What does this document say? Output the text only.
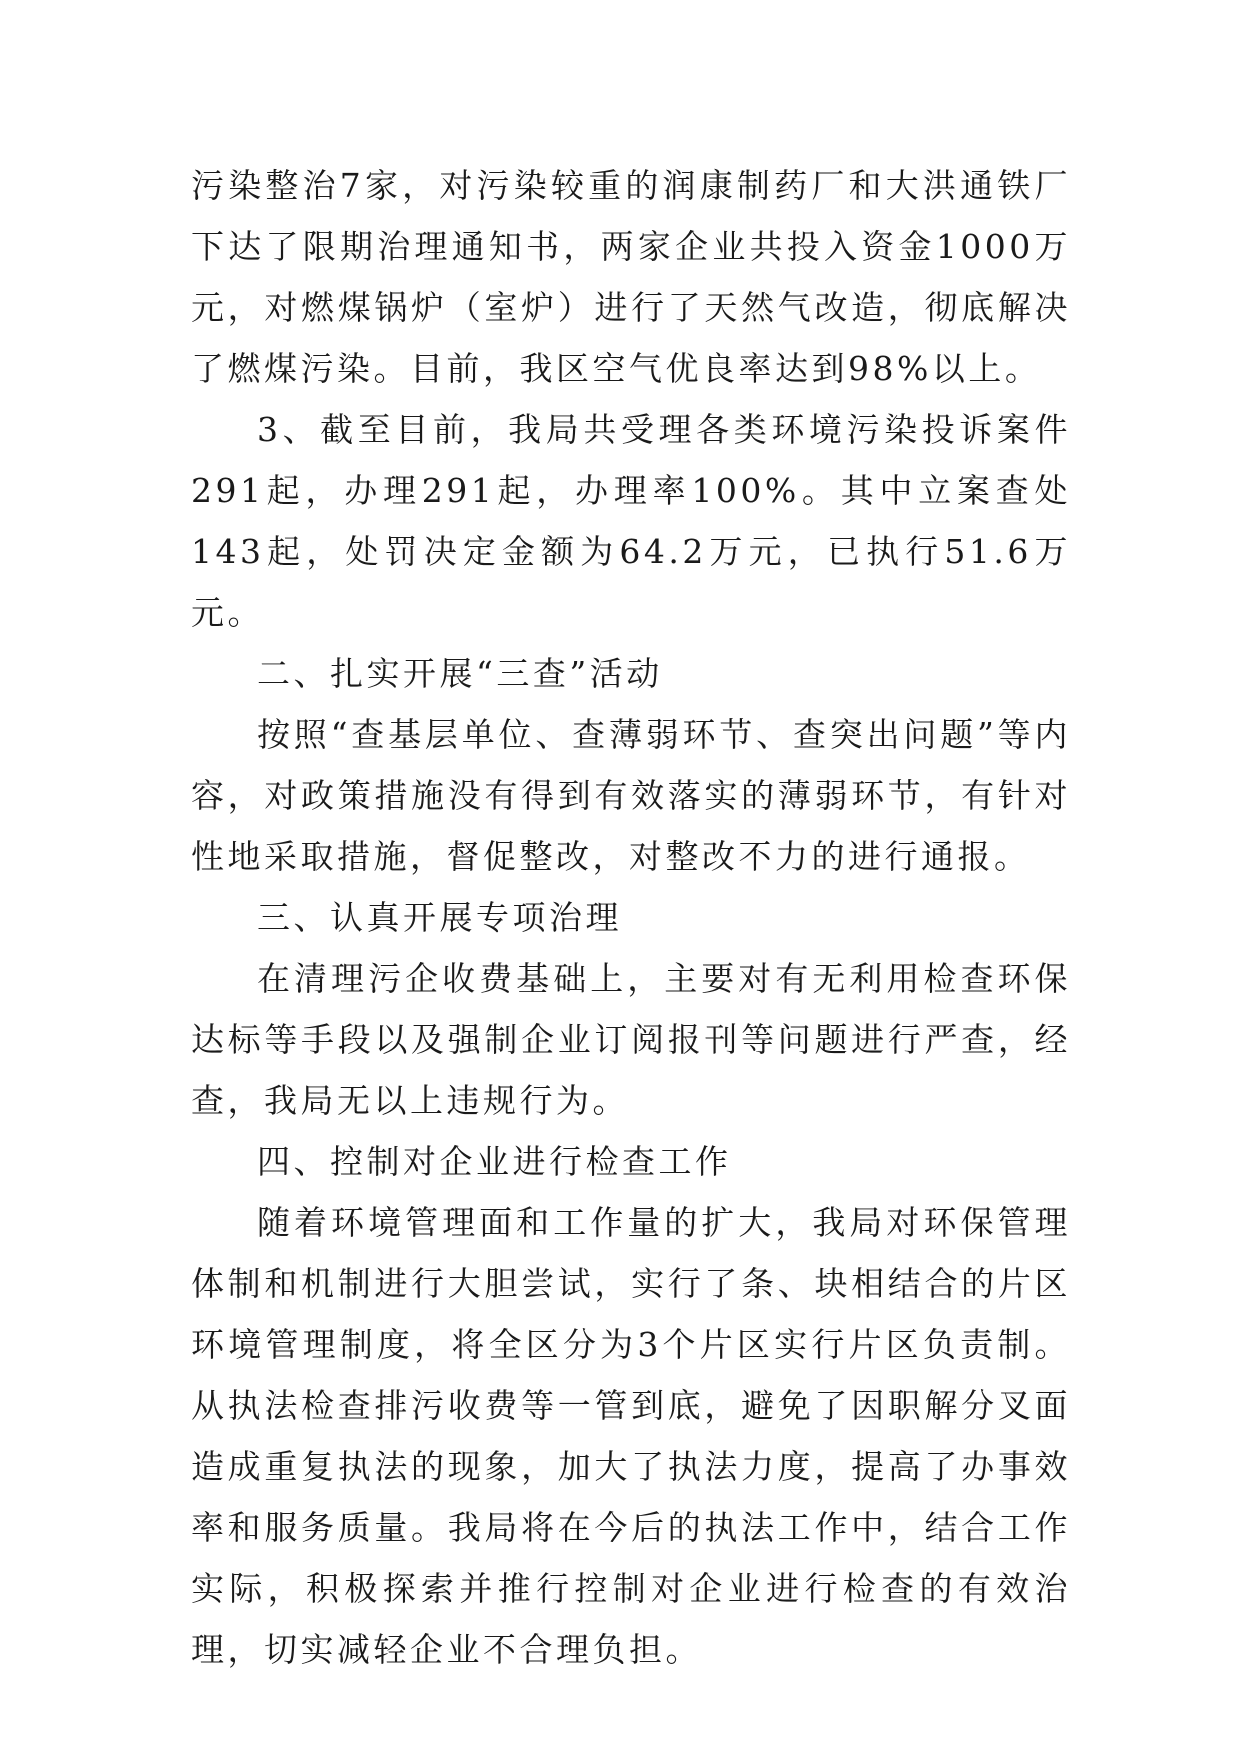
污染整治7家，对污染较重的润康制药厂和大洪通铁厂下达了限期治理通知书，两家企业共投入资金1000万元，对燃煤锅炉（室炉）进行了天然气改造，彻底解决了燃煤污染。目前，我区空气优良率达到98%以上。

3、截至目前，我局共受理各类环境污染投诉案件291起，办理291起，办理率100%。其中立案查处143起，处罚决定金额为64.2万元，已执行51.6万元。

二、扎实开展“三查”活动

按照“查基层单位、查薄弱环节、查突出问题”等内容，对政策措施没有得到有效落实的薄弱环节，有针对性地采取措施，督促整改，对整改不力的进行通报。

三、认真开展专项治理

在清理污企收费基础上，主要对有无利用检查环保达标等手段以及强制企业订阅报刊等问题进行严查，经查，我局无以上违规行为。

四、控制对企业进行检查工作

随着环境管理面和工作量的扩大，我局对环保管理体制和机制进行大胆尝试，实行了条、块相结合的片区环境管理制度，将全区分为3个片区实行片区负责制。从执法检查排污收费等一管到底，避免了因职解分叉面造成重复执法的现象，加大了执法力度，提高了办事效率和服务质量。我局将在今后的执法工作中，结合工作实际，积极探索并推行控制对企业进行检查的有效治理，切实减轻企业不合理负担。
